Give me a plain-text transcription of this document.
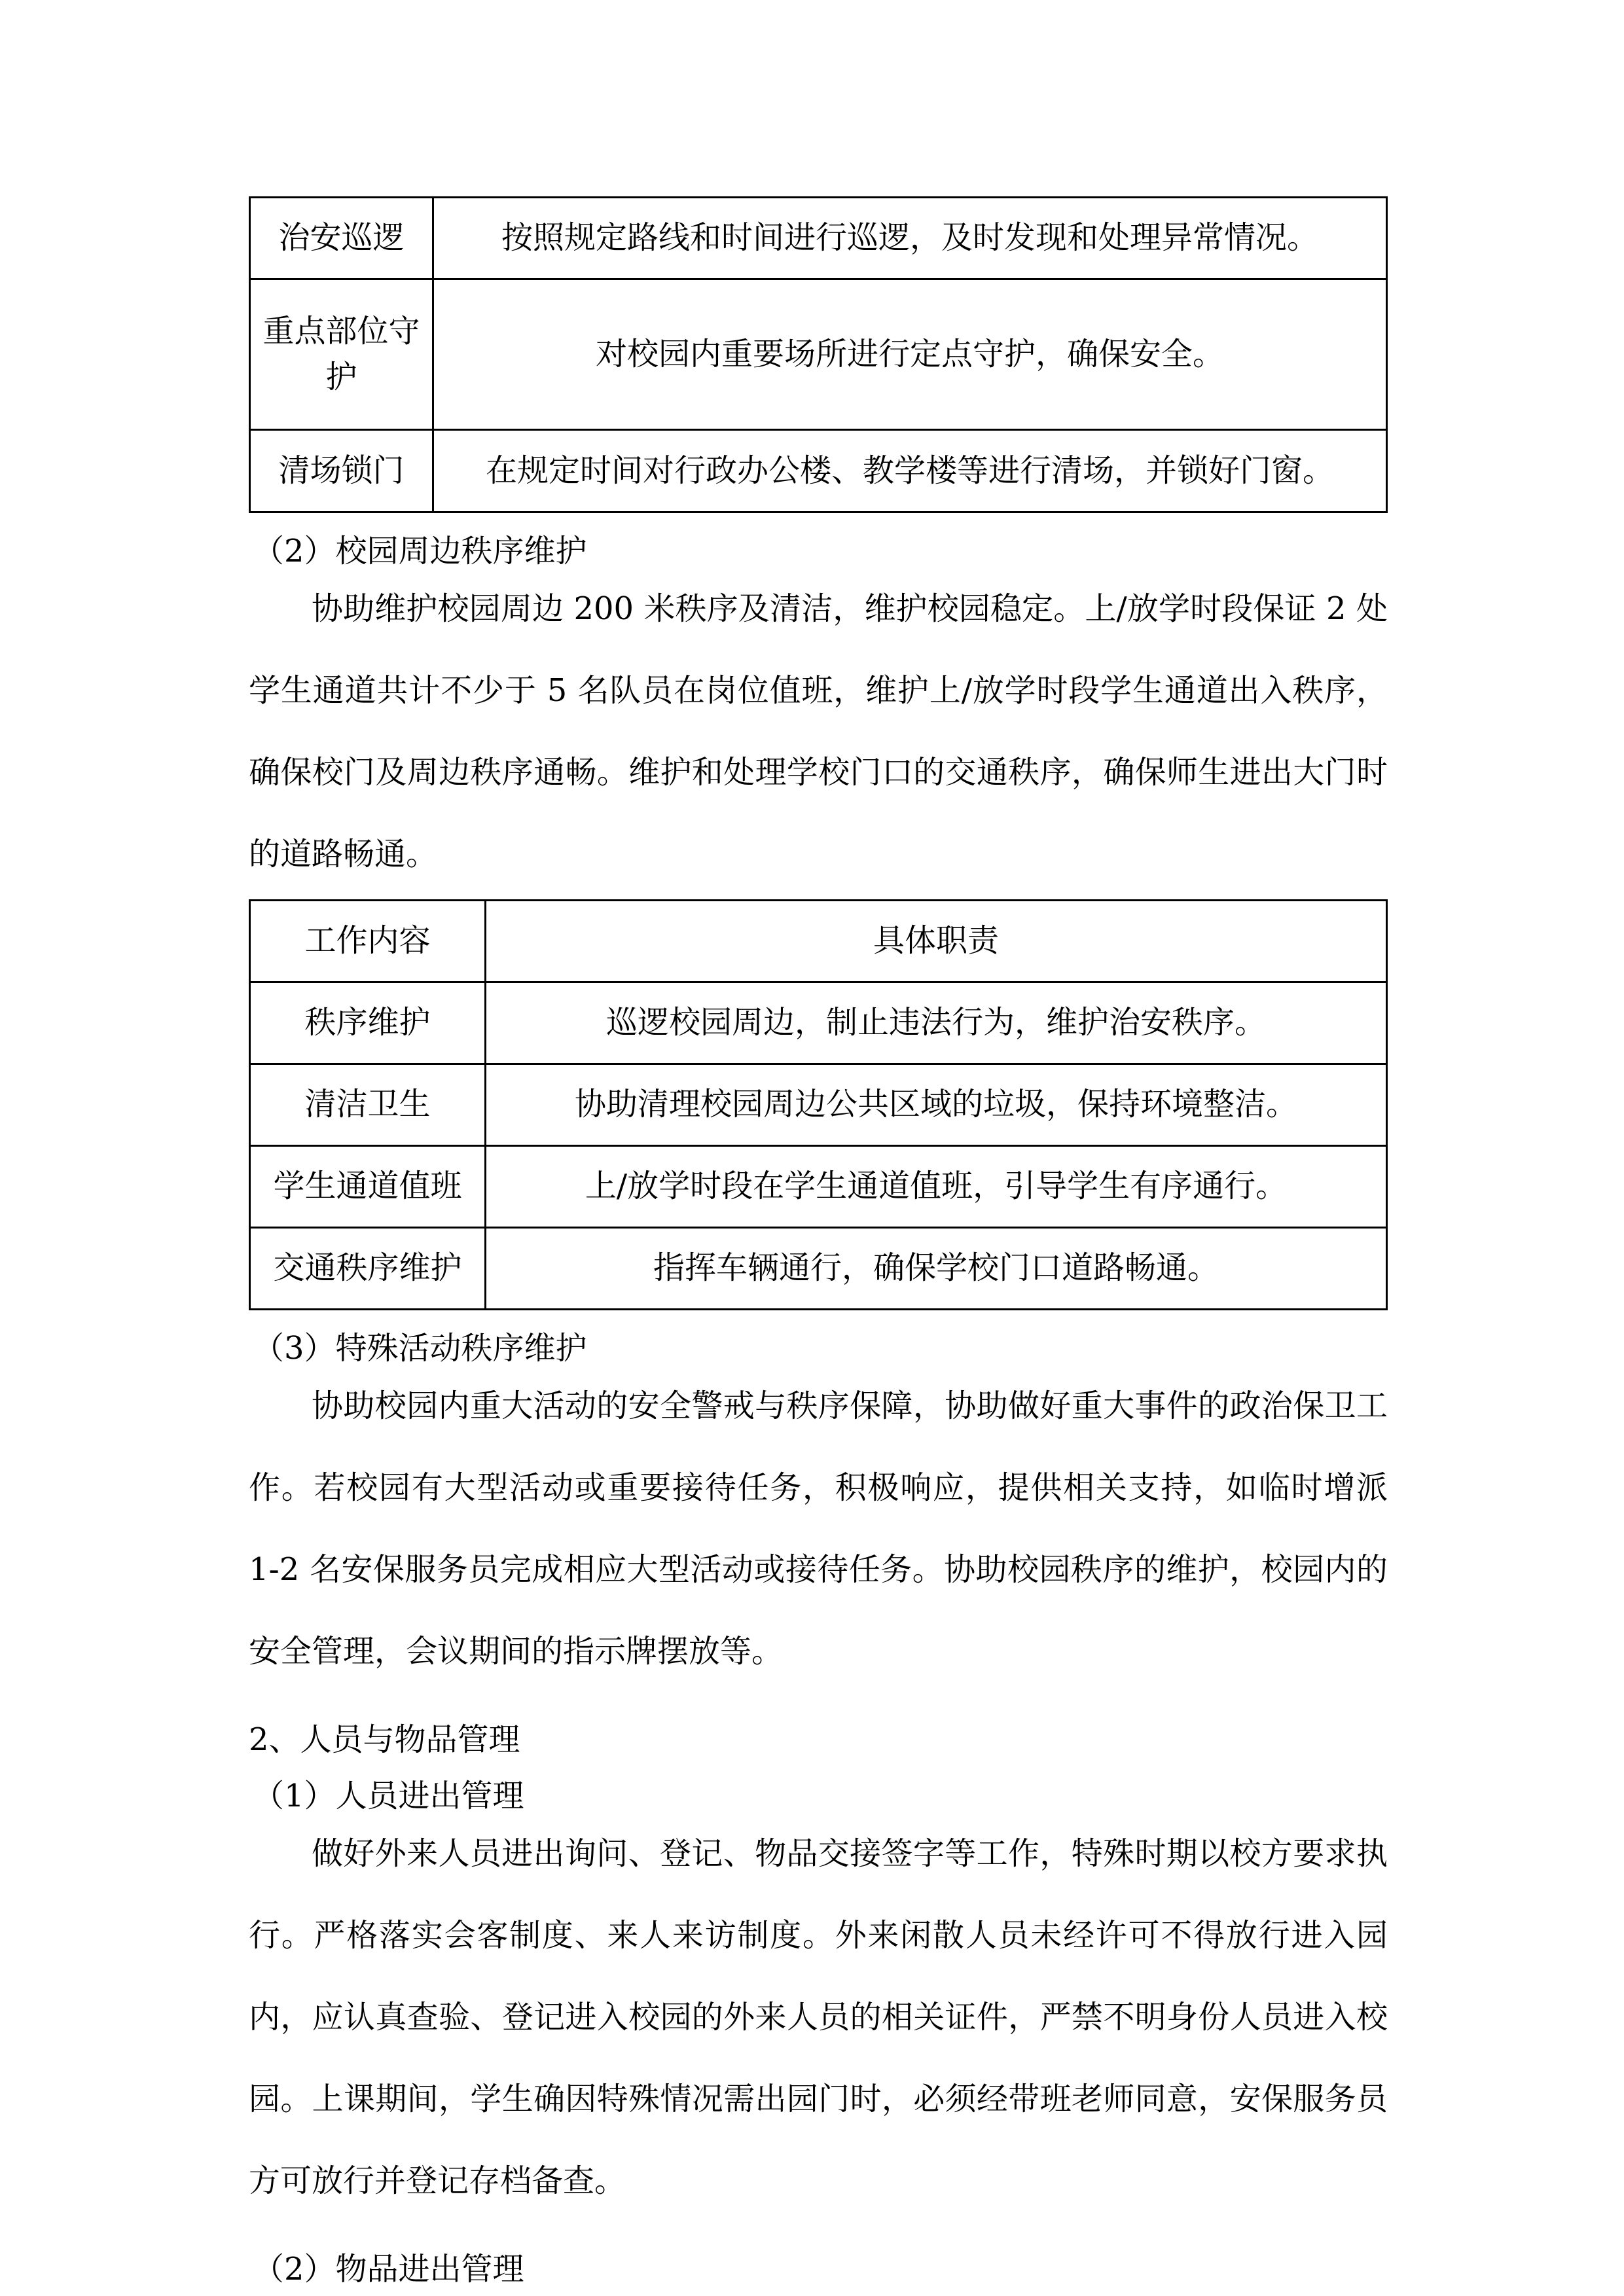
治安巡逻	按照规定路线和时间进行巡逻，及时发现和处理异常情况。
重点部位守护	对校园内重要场所进行定点守护，确保安全。
清场锁门	在规定时间对行政办公楼、教学楼等进行清场，并锁好门窗。

（2）校园周边秩序维护

协助维护校园周边 200 米秩序及清洁，维护校园稳定。上/放学时段保证 2 处学生通道共计不少于 5 名队员在岗位值班，维护上/放学时段学生通道出入秩序，确保校门及周边秩序通畅。维护和处理学校门口的交通秩序，确保师生进出大门时的道路畅通。

工作内容	具体职责
秩序维护	巡逻校园周边，制止违法行为，维护治安秩序。
清洁卫生	协助清理校园周边公共区域的垃圾，保持环境整洁。
学生通道值班	上/放学时段在学生通道值班，引导学生有序通行。
交通秩序维护	指挥车辆通行，确保学校门口道路畅通。

（3）特殊活动秩序维护

协助校园内重大活动的安全警戒与秩序保障，协助做好重大事件的政治保卫工作。若校园有大型活动或重要接待任务，积极响应，提供相关支持，如临时增派 1-2 名安保服务员完成相应大型活动或接待任务。协助校园秩序的维护，校园内的安全管理，会议期间的指示牌摆放等。

2、人员与物品管理

（1）人员进出管理

做好外来人员进出询问、登记、物品交接签字等工作，特殊时期以校方要求执行。严格落实会客制度、来人来访制度。外来闲散人员未经许可不得放行进入园内，应认真查验、登记进入校园的外来人员的相关证件，严禁不明身份人员进入校园。上课期间，学生确因特殊情况需出园门时，必须经带班老师同意，安保服务员方可放行并登记存档备查。

（2）物品进出管理
